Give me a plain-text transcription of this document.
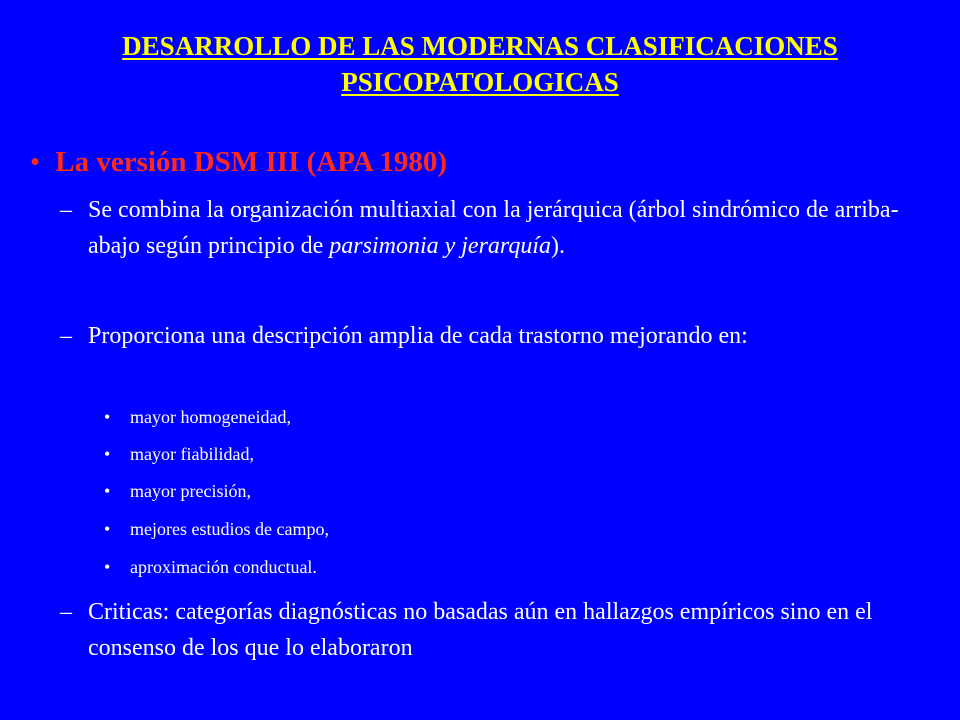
DESARROLLO DE LAS MODERNAS CLASIFICACIONES
PSICOPATOLOGICAS
• La versión DSM III (APA 1980)
– Se combina la organización multiaxial con la jerárquica (árbol sindrómico de arriba-abajo según principio de parsimonia y jerarquía).
– Proporciona una descripción amplia de cada trastorno mejorando en:
• mayor homogeneidad,
• mayor fiabilidad,
• mayor precisión,
• mejores estudios de campo,
• aproximación conductual.
– Criticas: categorías diagnósticas no basadas aún en hallazgos empíricos sino en el consenso de los que lo elaboraron
